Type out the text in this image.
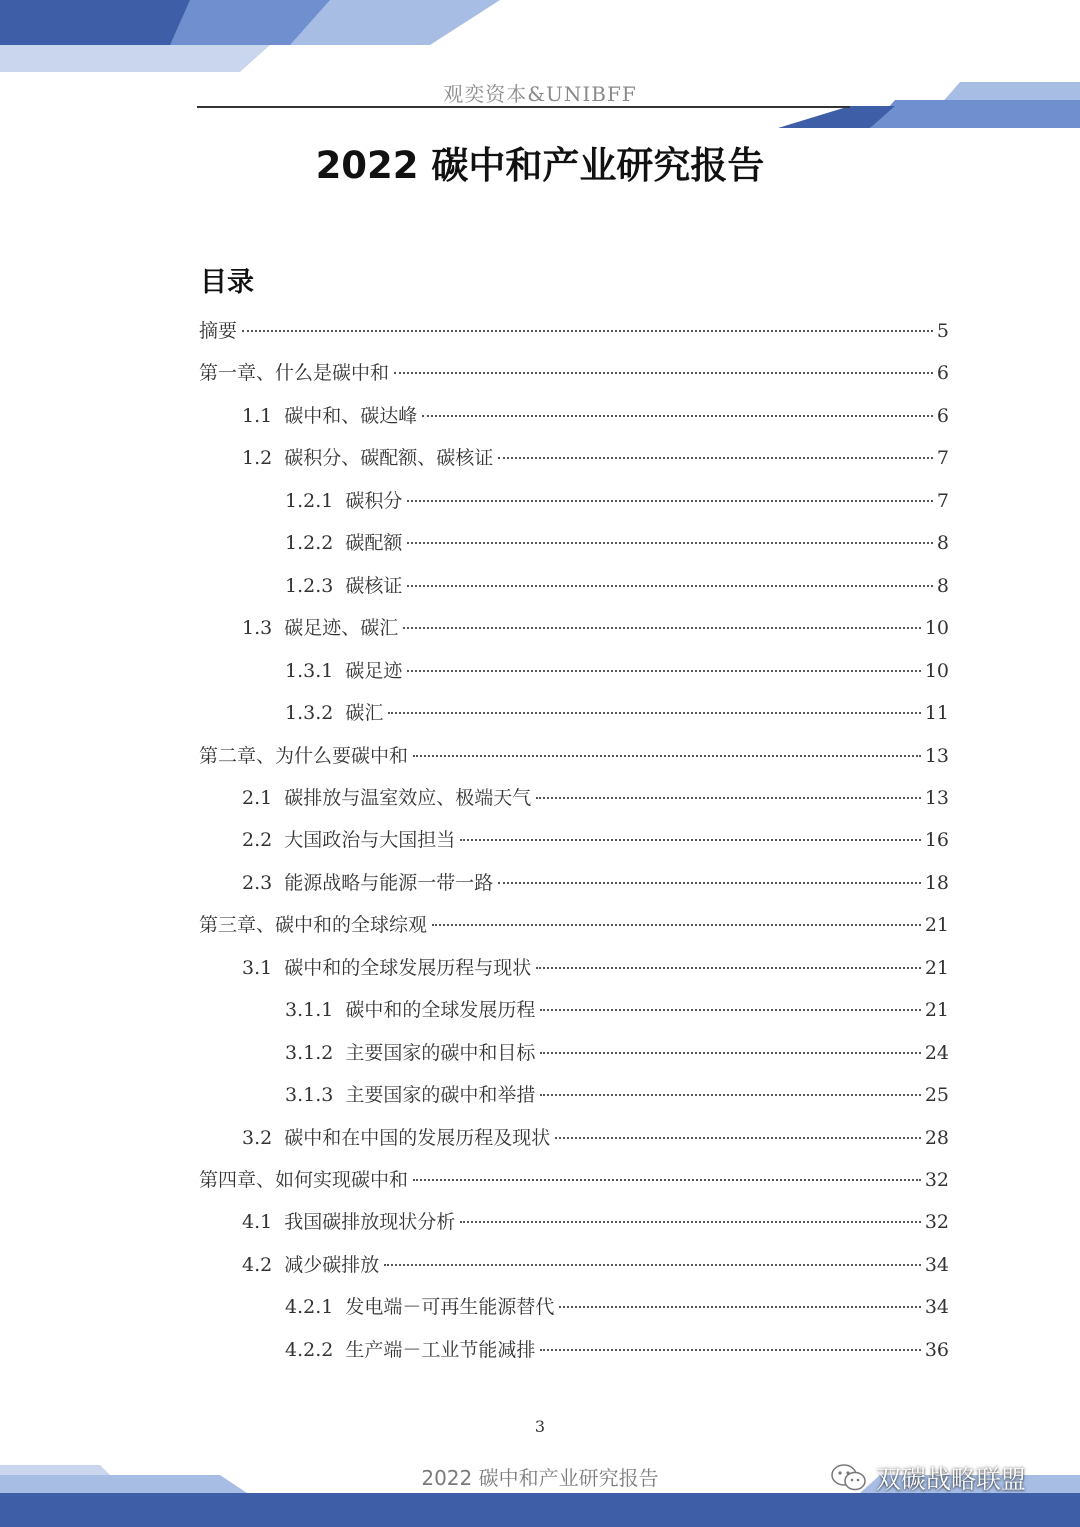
观奕资本&UNIBFF
2022 碳中和产业研究报告
目录
摘要	5
第一章、什么是碳中和	6
1.1 碳中和、碳达峰	6
1.2 碳积分、碳配额、碳核证	7
1.2.1 碳积分	7
1.2.2 碳配额	8
1.2.3 碳核证	8
1.3 碳足迹、碳汇	10
1.3.1 碳足迹	10
1.3.2 碳汇	11
第二章、为什么要碳中和	13
2.1 碳排放与温室效应、极端天气	13
2.2 大国政治与大国担当	16
2.3 能源战略与能源一带一路	18
第三章、碳中和的全球综观	21
3.1 碳中和的全球发展历程与现状	21
3.1.1 碳中和的全球发展历程	21
3.1.2 主要国家的碳中和目标	24
3.1.3 主要国家的碳中和举措	25
3.2 碳中和在中国的发展历程及现状	28
第四章、如何实现碳中和	32
4.1 我国碳排放现状分析	32
4.2 减少碳排放	34
4.2.1 发电端－可再生能源替代	34
4.2.2 生产端－工业节能减排	36
3
2022 碳中和产业研究报告	双碳战略联盟
